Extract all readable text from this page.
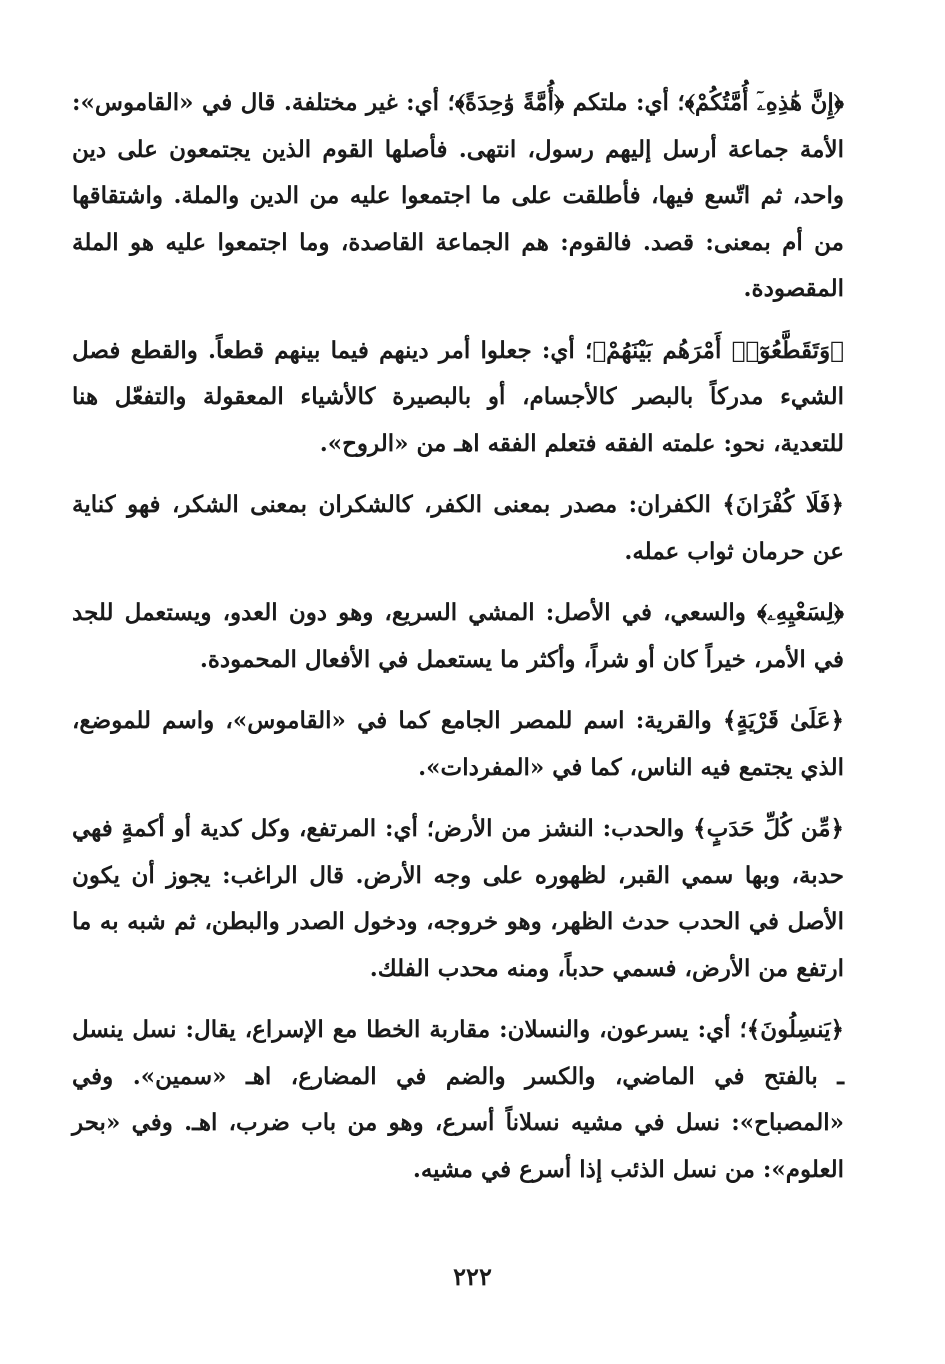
﴿إِنَّ هَٰذِهِۦٓ أُمَّتُكُمْ﴾؛ أي: ملتكم ﴿أُمَّةً وَٰحِدَةً﴾؛ أي: غير مختلفة. قال في «القاموس»: الأمة جماعة أرسل إليهم رسول، انتهى. فأصلها القوم الذين يجتمعون على دين واحد، ثم اتّسع فيها، فأطلقت على ما اجتمعوا عليه من الدين والملة. واشتقاقها من أم بمعنى: قصد. فالقوم: هم الجماعة القاصدة، وما اجتمعوا عليه هو الملة المقصودة.

﴿وَتَقَطَّعُوٓا۟ أَمْرَهُم بَيْنَهُمْ﴾؛ أي: جعلوا أمر دينهم فيما بينهم قطعاً. والقطع فصل الشيء مدركاً بالبصر كالأجسام، أو بالبصيرة كالأشياء المعقولة والتفعّل هنا للتعدية، نحو: علمته الفقه فتعلم الفقه اهـ من «الروح».

﴿فَلَا كُفْرَانَ﴾ الكفران: مصدر بمعنى الكفر، كالشكران بمعنى الشكر، فهو كناية عن حرمان ثواب عمله.

﴿لِسَعْيِهِۦ﴾ والسعي، في الأصل: المشي السريع، وهو دون العدو، ويستعمل للجد في الأمر، خيراً كان أو شراً، وأكثر ما يستعمل في الأفعال المحمودة.

﴿عَلَىٰ قَرْيَةٍ﴾ والقرية: اسم للمصر الجامع كما في «القاموس»، واسم للموضع، الذي يجتمع فيه الناس، كما في «المفردات».

﴿مِّن كُلِّ حَدَبٍ﴾ والحدب: النشز من الأرض؛ أي: المرتفع، وكل كدية أو أكمةٍ فهي حدبة، وبها سمي القبر، لظهوره على وجه الأرض. قال الراغب: يجوز أن يكون الأصل في الحدب حدث الظهر، وهو خروجه، ودخول الصدر والبطن، ثم شبه به ما ارتفع من الأرض، فسمي حدباً، ومنه محدب الفلك.

﴿يَنسِلُونَ﴾؛ أي: يسرعون، والنسلان: مقاربة الخطا مع الإسراع، يقال: نسل ينسل ـ بالفتح في الماضي، والكسر والضم في المضارع، اهـ «سمين». وفي «المصباح»: نسل في مشيه نسلاناً أسرع، وهو من باب ضرب، اهـ. وفي «بحر العلوم»: من نسل الذئب إذا أسرع في مشيه.

٢٢٢
